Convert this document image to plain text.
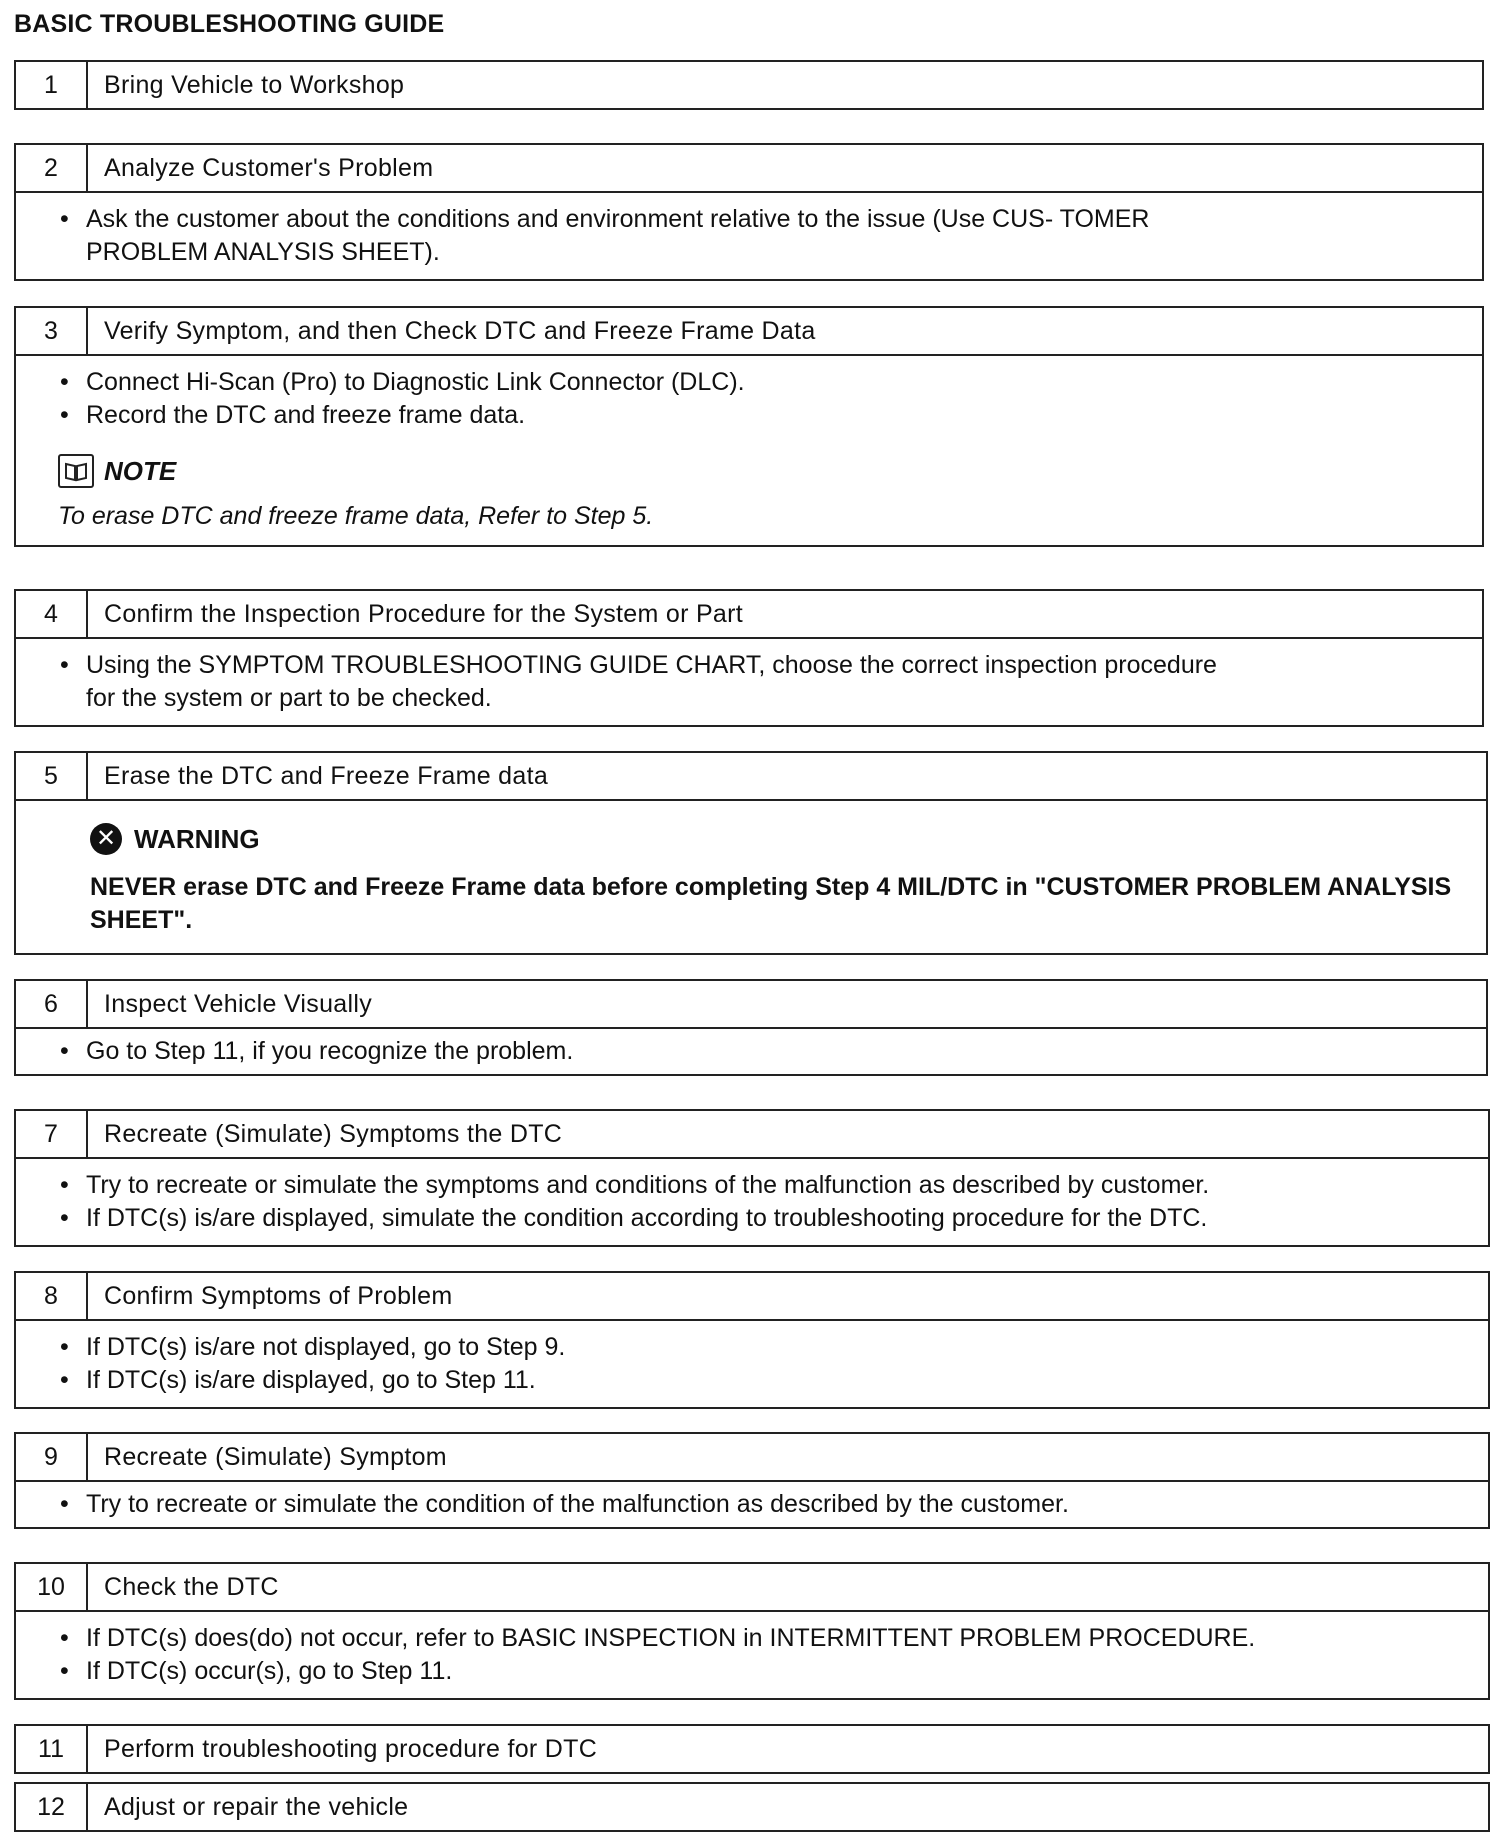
BASIC TROUBLESHOOTING GUIDE
1	Bring Vehicle to Workshop
2	Analyze Customer's Problem
• Ask the customer about the conditions and environment relative to the issue (Use CUS- TOMER PROBLEM ANALYSIS SHEET).
3	Verify Symptom, and then Check DTC and Freeze Frame Data
• Connect Hi-Scan (Pro) to Diagnostic Link Connector (DLC).
• Record the DTC and freeze frame data.
NOTE
To erase DTC and freeze frame data, Refer to Step 5.
4	Confirm the Inspection Procedure for the System or Part
• Using the SYMPTOM TROUBLESHOOTING GUIDE CHART, choose the correct inspection procedure for the system or part to be checked.
5	Erase the DTC and Freeze Frame data
✕ WARNING
NEVER erase DTC and Freeze Frame data before completing Step 4 MIL/DTC in "CUSTOMER PROBLEM ANALYSIS SHEET".
6	Inspect Vehicle Visually
• Go to Step 11, if you recognize the problem.
7	Recreate (Simulate) Symptoms the DTC
• Try to recreate or simulate the symptoms and conditions of the malfunction as described by customer.
• If DTC(s) is/are displayed, simulate the condition according to troubleshooting procedure for the DTC.
8	Confirm Symptoms of Problem
• If DTC(s) is/are not displayed, go to Step 9.
• If DTC(s) is/are displayed, go to Step 11.
9	Recreate (Simulate) Symptom
• Try to recreate or simulate the condition of the malfunction as described by the customer.
10	Check the DTC
• If DTC(s) does(do) not occur, refer to BASIC INSPECTION in INTERMITTENT PROBLEM PROCEDURE.
• If DTC(s) occur(s), go to Step 11.
11	Perform troubleshooting procedure for DTC
12	Adjust or repair the vehicle
